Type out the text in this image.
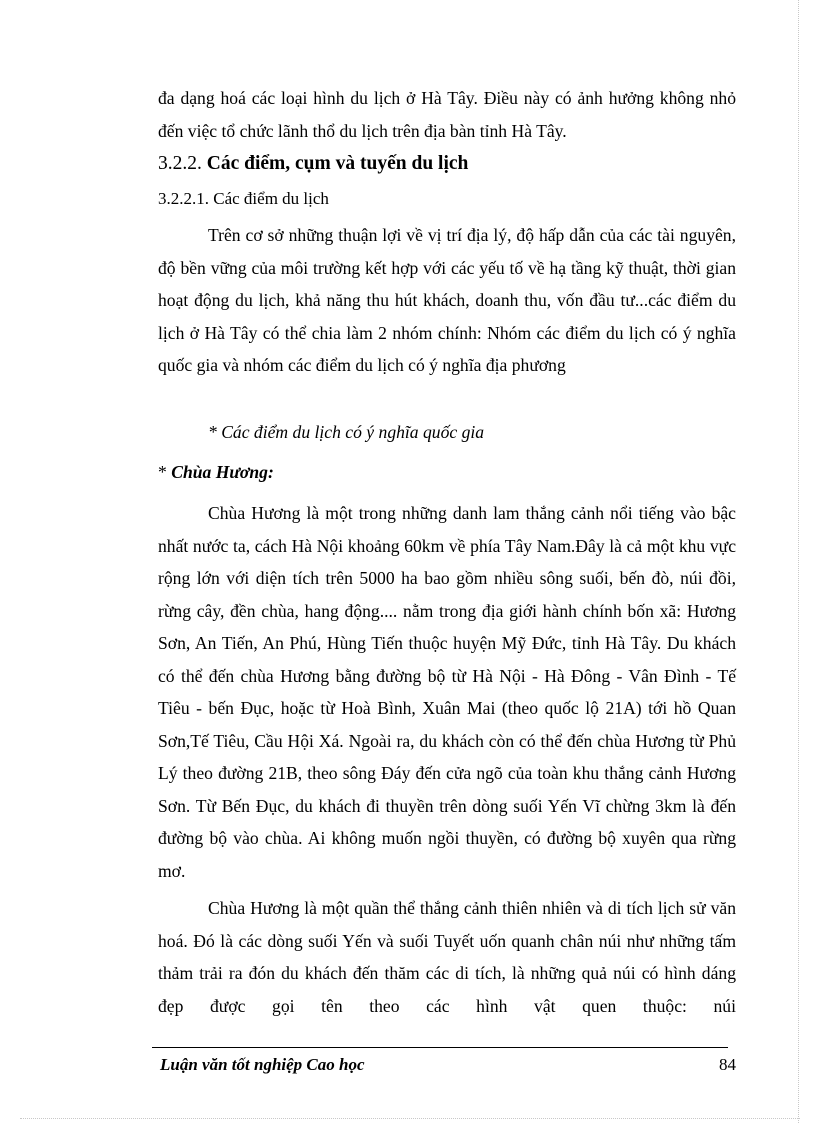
đa dạng hoá các loại hình du lịch ở Hà Tây. Điều này có ảnh hưởng không nhỏ đến việc tổ chức lãnh thổ du lịch trên địa bàn tỉnh Hà Tây.

3.2.2. Các điểm, cụm và tuyến du lịch
3.2.2.1. Các điểm du lịch

Trên cơ sở những thuận lợi về vị trí địa lý, độ hấp dẫn của các tài nguyên, độ bền vững của môi trường kết hợp với các yếu tố về hạ tầng kỹ thuật, thời gian hoạt động du lịch, khả năng thu hút khách, doanh thu, vốn đầu tư...các điểm du lịch ở Hà Tây có thể chia làm 2 nhóm chính: Nhóm các điểm du lịch có ý nghĩa quốc gia và nhóm các điểm du lịch có ý nghĩa địa phương

* Các điểm du lịch có ý nghĩa quốc gia
* Chùa Hương:

Chùa Hương là một trong những danh lam thắng cảnh nổi tiếng vào bậc nhất nước ta, cách Hà Nội khoảng 60km về phía Tây Nam.Đây là cả một khu vực rộng lớn với diện tích trên 5000 ha bao gồm nhiều sông suối, bến đò, núi đồi, rừng cây, đền chùa, hang động.... nằm trong địa giới hành chính bốn xã: Hương Sơn, An Tiến, An Phú, Hùng Tiến thuộc huyện Mỹ Đức, tỉnh Hà Tây. Du khách có thể đến chùa Hương bằng đường bộ từ Hà Nội - Hà Đông - Vân Đình - Tế Tiêu - bến Đục, hoặc từ Hoà Bình, Xuân Mai (theo quốc lộ 21A) tới hồ Quan Sơn,Tế Tiêu, Cầu Hội Xá. Ngoài ra, du khách còn có thể đến chùa Hương từ Phủ Lý theo đường 21B, theo sông Đáy đến cửa ngõ của toàn khu thắng cảnh Hương Sơn. Từ Bến Đục, du khách đi thuyền trên dòng suối Yến Vĩ chừng 3km là đến đường bộ vào chùa. Ai không muốn ngồi thuyền, có đường bộ xuyên qua rừng mơ.

Chùa Hương là một quần thể thắng cảnh thiên nhiên và di tích lịch sử văn hoá. Đó là các dòng suối Yến và suối Tuyết uốn quanh chân núi như những tấm thảm trải ra đón du khách đến thăm các di tích, là những quả núi có hình dáng đẹp được gọi tên theo các hình vật quen thuộc: núi

Luận văn tốt nghiệp Cao học	84
